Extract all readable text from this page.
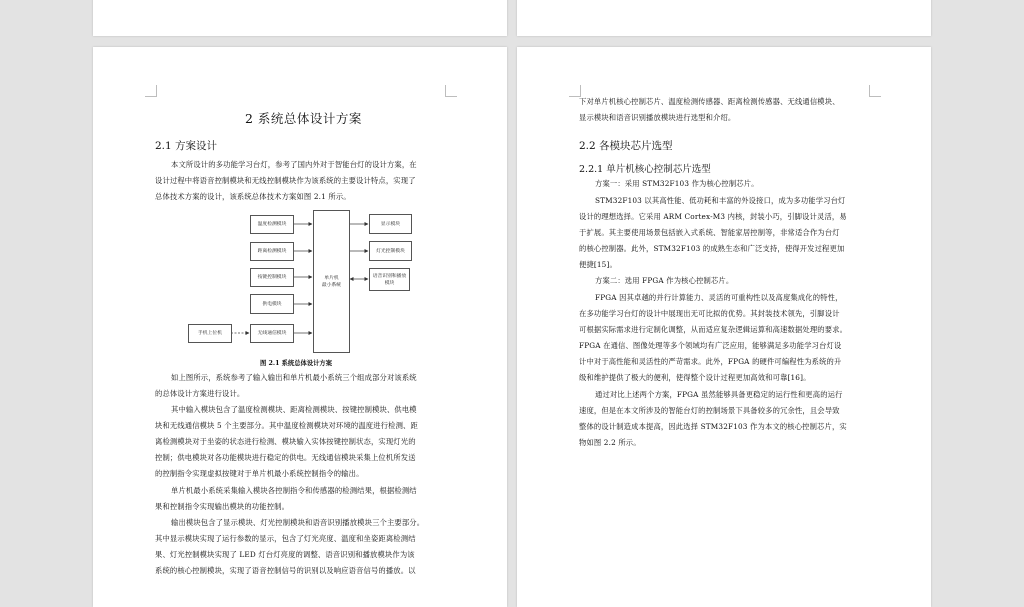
2 系统总体设计方案
2.1 方案设计
本文所设计的多功能学习台灯，参考了国内外对于智能台灯的设计方案，在
设计过程中将语音控制模块和无线控制模块作为该系统的主要设计特点，实现了
总体技术方案的设计，该系统总体技术方案如图 2.1 所示。
温度检测模块
距离检测模块
按键控制模块
供电模块
无线通信模块
手机上位机
单片机
最小系统
显示模块
灯光控制模块
语音识别和播放模块
图 2.1 系统总体设计方案
如上图所示，系统参考了输入输出和单片机最小系统三个组成部分对该系统
的总体设计方案进行设计。
其中输入模块包含了温度检测模块、距离检测模块、按键控制模块、供电模
块和无线通信模块 5 个主要部分。其中温度检测模块对环境的温度进行检测、距
离检测模块对于坐姿的状态进行检测、模块输入实体按键控制状态，实现灯光的
控制；供电模块对各功能模块进行稳定的供电。无线通信模块采集上位机所发送
的控制指令实现虚拟按键对于单片机最小系统控制指令的输出。
单片机最小系统采集输入模块各控制指令和传感器的检测结果，根据检测结
果和控制指令实现输出模块的功能控制。
输出模块包含了显示模块、灯光控制模块和语音识别播放模块三个主要部分。
其中显示模块实现了运行参数的显示，包含了灯光亮度、温度和坐姿距离检测结
果、灯光控制模块实现了 LED 灯台灯亮度的调整、语音识别和播放模块作为该
系统的核心控制模块，实现了语音控制信号的识别以及响应语音信号的播放。以
下对单片机核心控制芯片、温度检测传感器、距离检测传感器、无线通信模块、
显示模块和语音识别播放模块进行选型和介绍。
2.2 各模块芯片选型
2.2.1 单片机核心控制芯片选型
方案一：采用 STM32F103 作为核心控制芯片。
STM32F103 以其高性能、低功耗和丰富的外设接口，成为多功能学习台灯
设计的理想选择。它采用 ARM Cortex-M3 内核，封装小巧，引脚设计灵活，易
于扩展。其主要使用场景包括嵌入式系统、智能家居控制等，非常适合作为台灯
的核心控制器。此外，STM32F103 的成熟生态和广泛支持，使得开发过程更加
便捷[15]。
方案二：选用 FPGA 作为核心控制芯片。
FPGA 因其卓越的并行计算能力、灵活的可重构性以及高度集成化的特性，
在多功能学习台灯的设计中展现出无可比拟的优势。其封装技术领先，引脚设计
可根据实际需求进行定制化调整，从而适应复杂逻辑运算和高速数据处理的要求。
FPGA 在通信、图像处理等多个领域均有广泛应用，能够满足多功能学习台灯设
计中对于高性能和灵活性的严苛需求。此外，FPGA 的硬件可编程性为系统的升
级和维护提供了极大的便利，使得整个设计过程更加高效和可靠[16]。
通过对比上述两个方案，FPGA 虽然能够具备更稳定的运行性和更高的运行
速度，但是在本文所涉及的智能台灯的控制场景下具备较多的冗余性，且会导致
整体的设计制造成本提高，因此选择 STM32F103 作为本文的核心控制芯片，实
物如图 2.2 所示。
